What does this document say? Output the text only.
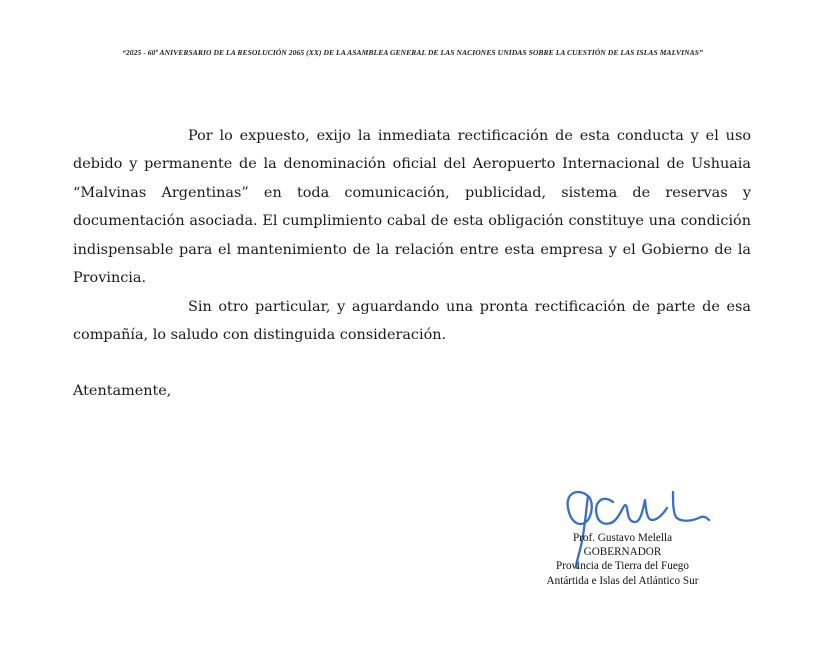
“2025 - 60º ANIVERSARIO DE LA RESOLUCIÓN 2065 (XX) DE LA ASAMBLEA GENERAL DE LAS NACIONES UNIDAS SOBRE LA CUESTIÓN DE LAS ISLAS MALVINAS”
Por lo expuesto, exijo la inmediata rectificación de esta conducta y el uso debido y permanente de la denominación oficial del Aeropuerto Internacional de Ushuaia “Malvinas Argentinas” en toda comunicación, publicidad, sistema de reservas y documentación asociada. El cumplimiento cabal de esta obligación constituye una condición indispensable para el mantenimiento de la relación entre esta empresa y el Gobierno de la Provincia.
Sin otro particular, y aguardando una pronta rectificación de parte de esa compañía, lo saludo con distinguida consideración.
Atentamente,
Prof. Gustavo Melella
GOBERNADOR
Provincia de Tierra del Fuego
Antártida e Islas del Atlántico Sur
